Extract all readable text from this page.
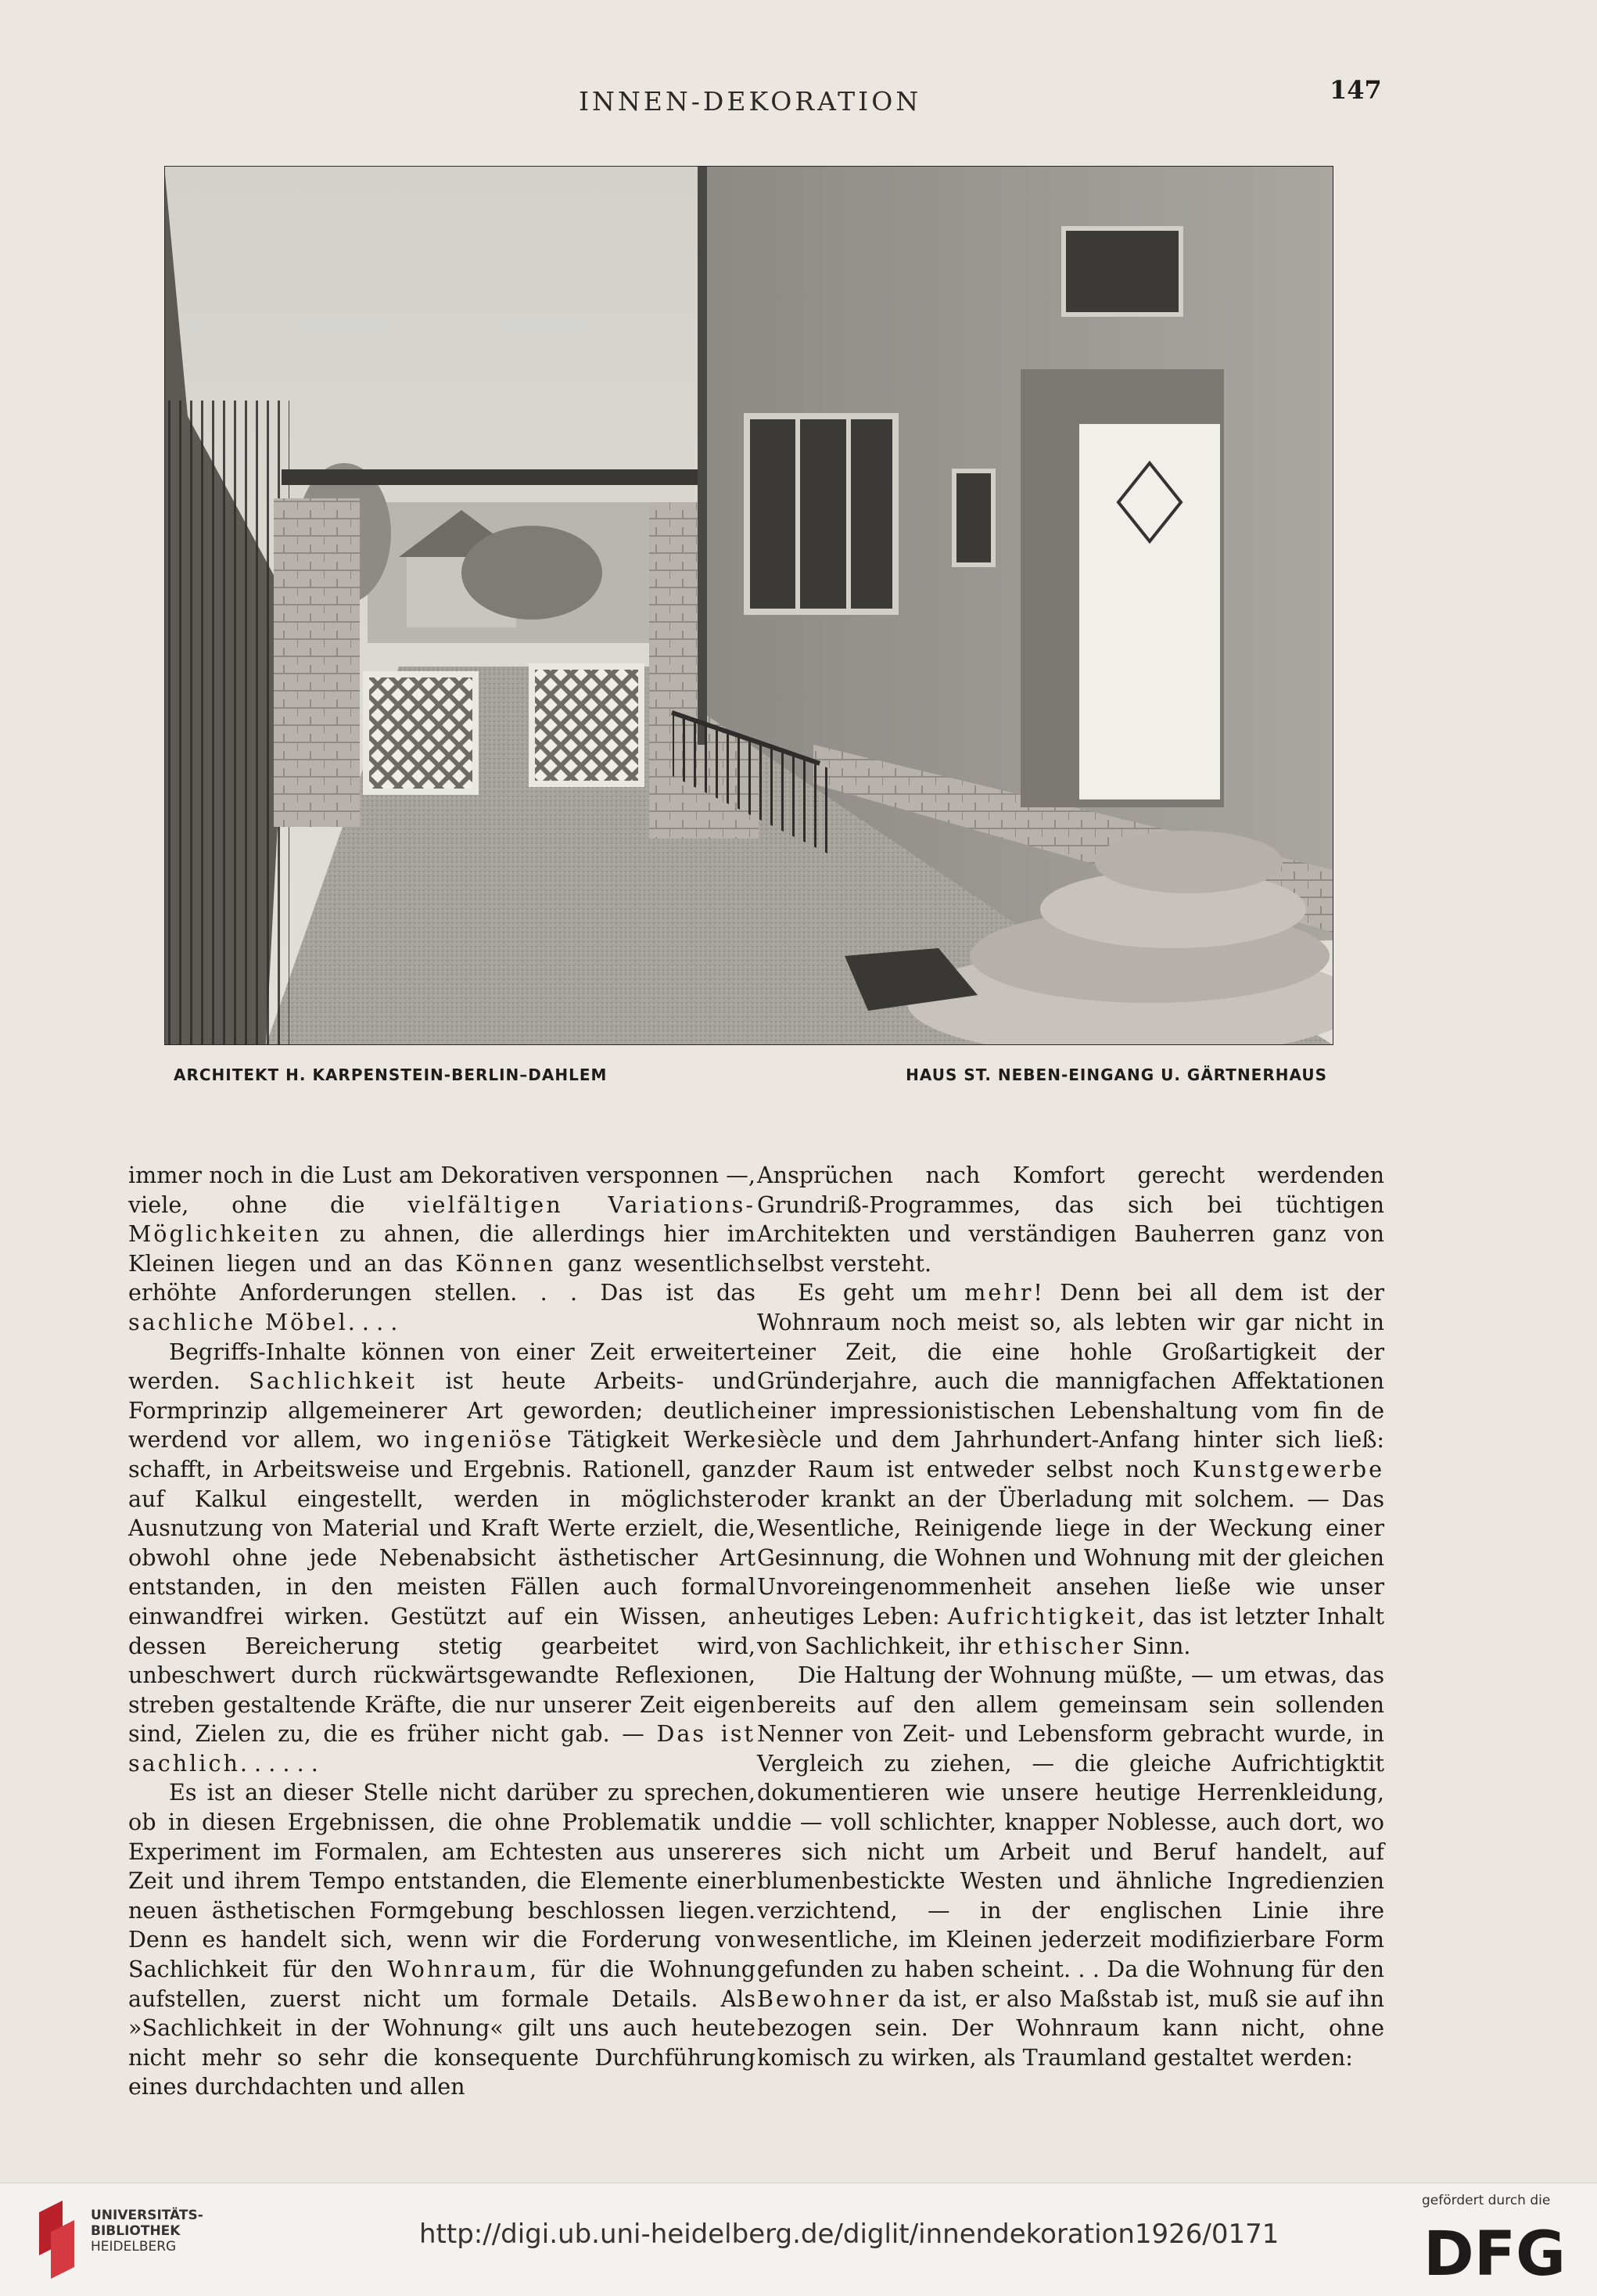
INNEN-DEKORATION	147
ARCHITEKT H. KARPENSTEIN-BERLIN–DAHLEM	HAUS ST. NEBEN-EINGANG U. GÄRTNERHAUS

immer noch in die Lust am Dekorativen versponnen —, viele, ohne die vielfältigen Variations-Möglichkeiten zu ahnen, die allerdings hier im Kleinen liegen und an das Können ganz wesentlich erhöhte Anforderungen stellen. . . Das ist das sachliche Möbel. . . .

Begriffs-Inhalte können von einer Zeit erweitert werden. Sachlichkeit ist heute Arbeits- und Formprinzip allgemeinerer Art geworden; deutlich werdend vor allem, wo ingeniöse Tätigkeit Werke schafft, in Arbeitsweise und Ergebnis. Rationell, ganz auf Kalkul eingestellt, werden in möglichster Ausnutzung von Material und Kraft Werte erzielt, die, obwohl ohne jede Nebenabsicht ästhetischer Art entstanden, in den meisten Fällen auch formal einwandfrei wirken. Gestützt auf ein Wissen, an dessen Bereicherung stetig gearbeitet wird, unbeschwert durch rückwärtsgewandte Reflexionen, streben gestaltende Kräfte, die nur unserer Zeit eigen sind, Zielen zu, die es früher nicht gab. — Das ist sachlich. . . . . .

Es ist an dieser Stelle nicht darüber zu sprechen, ob in diesen Ergebnissen, die ohne Problematik und Experiment im Formalen, am Echtesten aus unserer Zeit und ihrem Tempo entstanden, die Elemente einer neuen ästhetischen Formgebung beschlossen liegen. Denn es handelt sich, wenn wir die Forderung von Sachlichkeit für den Wohnraum, für die Wohnung aufstellen, zuerst nicht um formale Details. Als »Sachlichkeit in der Wohnung« gilt uns auch heute nicht mehr so sehr die konsequente Durchführung eines durchdachten und allen

Ansprüchen nach Komfort gerecht werdenden Grundriß-Programmes, das sich bei tüchtigen Architekten und verständigen Bauherren ganz von selbst versteht.

Es geht um mehr! Denn bei all dem ist der Wohnraum noch meist so, als lebten wir gar nicht in einer Zeit, die eine hohle Großartigkeit der Gründerjahre, auch die mannigfachen Affektationen einer impressionistischen Lebenshaltung vom fin de siècle und dem Jahrhundert-Anfang hinter sich ließ: der Raum ist entweder selbst noch Kunstgewerbe oder krankt an der Überladung mit solchem. — Das Wesentliche, Reinigende liege in der Weckung einer Gesinnung, die Wohnen und Wohnung mit der gleichen Unvoreingenommenheit ansehen ließe wie unser heutiges Leben: Aufrichtigkeit, das ist letzter Inhalt von Sachlichkeit, ihr ethischer Sinn.

Die Haltung der Wohnung müßte, — um etwas, das bereits auf den allem gemeinsam sein sollenden Nenner von Zeit- und Lebensform gebracht wurde, in Vergleich zu ziehen, — die gleiche Aufrichtigktit dokumentieren wie unsere heutige Herrenkleidung, die — voll schlichter, knapper Noblesse, auch dort, wo es sich nicht um Arbeit und Beruf handelt, auf blumenbestickte Westen und ähnliche Ingredienzien verzichtend, — in der englischen Linie ihre wesentliche, im Kleinen jederzeit modifizierbare Form gefunden zu haben scheint. . . Da die Wohnung für den Bewohner da ist, er also Maßstab ist, muß sie auf ihn bezogen sein. Der Wohnraum kann nicht, ohne komisch zu wirken, als Traumland gestaltet werden:

UNIVERSITÄTS-
BIBLIOTHEK
HEIDELBERG	http://digi.ub.uni-heidelberg.de/diglit/innendekoration1926/0171
gefördert durch die
DFG
